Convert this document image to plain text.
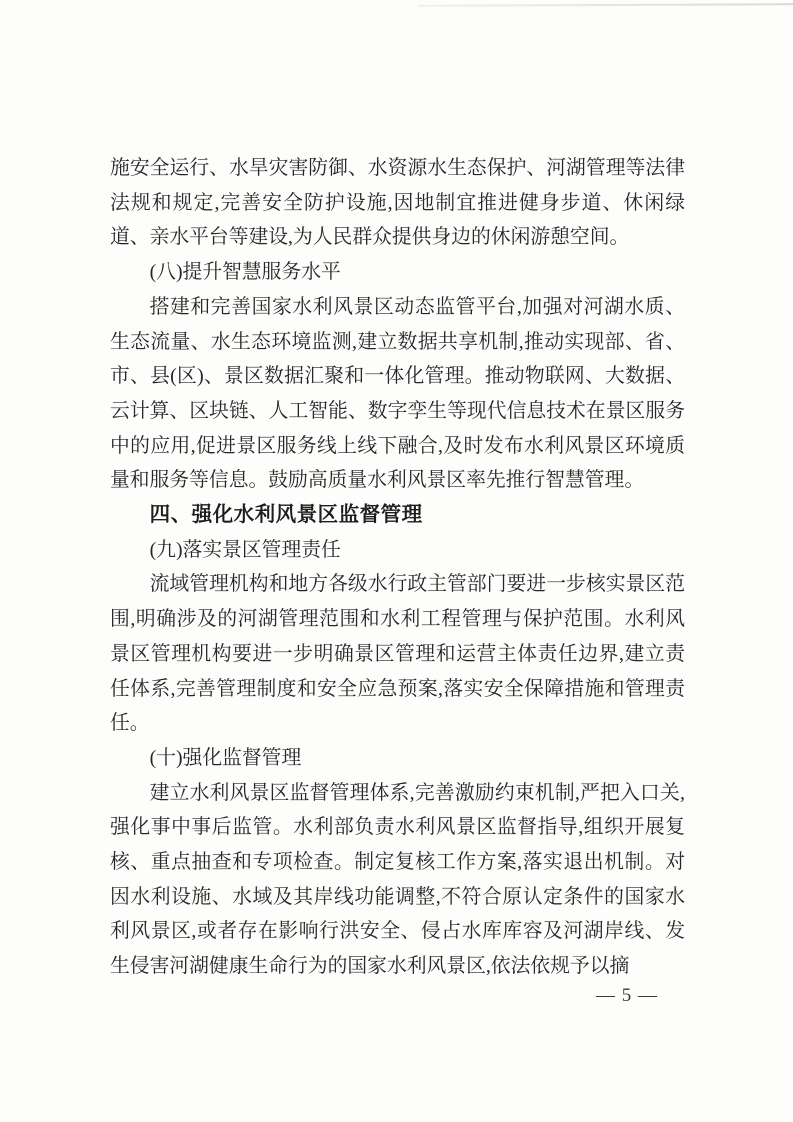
施安全运行、水旱灾害防御、水资源水生态保护、河湖管理等法律法规和规定,完善安全防护设施,因地制宜推进健身步道、休闲绿道、亲水平台等建设,为人民群众提供身边的休闲游憩空间。
(八)提升智慧服务水平
搭建和完善国家水利风景区动态监管平台,加强对河湖水质、生态流量、水生态环境监测,建立数据共享机制,推动实现部、省、市、县(区)、景区数据汇聚和一体化管理。推动物联网、大数据、云计算、区块链、人工智能、数字孪生等现代信息技术在景区服务中的应用,促进景区服务线上线下融合,及时发布水利风景区环境质量和服务等信息。鼓励高质量水利风景区率先推行智慧管理。
四、强化水利风景区监督管理
(九)落实景区管理责任
流域管理机构和地方各级水行政主管部门要进一步核实景区范围,明确涉及的河湖管理范围和水利工程管理与保护范围。水利风景区管理机构要进一步明确景区管理和运营主体责任边界,建立责任体系,完善管理制度和安全应急预案,落实安全保障措施和管理责任。
(十)强化监督管理
建立水利风景区监督管理体系,完善激励约束机制,严把入口关,强化事中事后监管。水利部负责水利风景区监督指导,组织开展复核、重点抽查和专项检查。制定复核工作方案,落实退出机制。对因水利设施、水域及其岸线功能调整,不符合原认定条件的国家水利风景区,或者存在影响行洪安全、侵占水库库容及河湖岸线、发生侵害河湖健康生命行为的国家水利风景区,依法依规予以摘
— 5 —
